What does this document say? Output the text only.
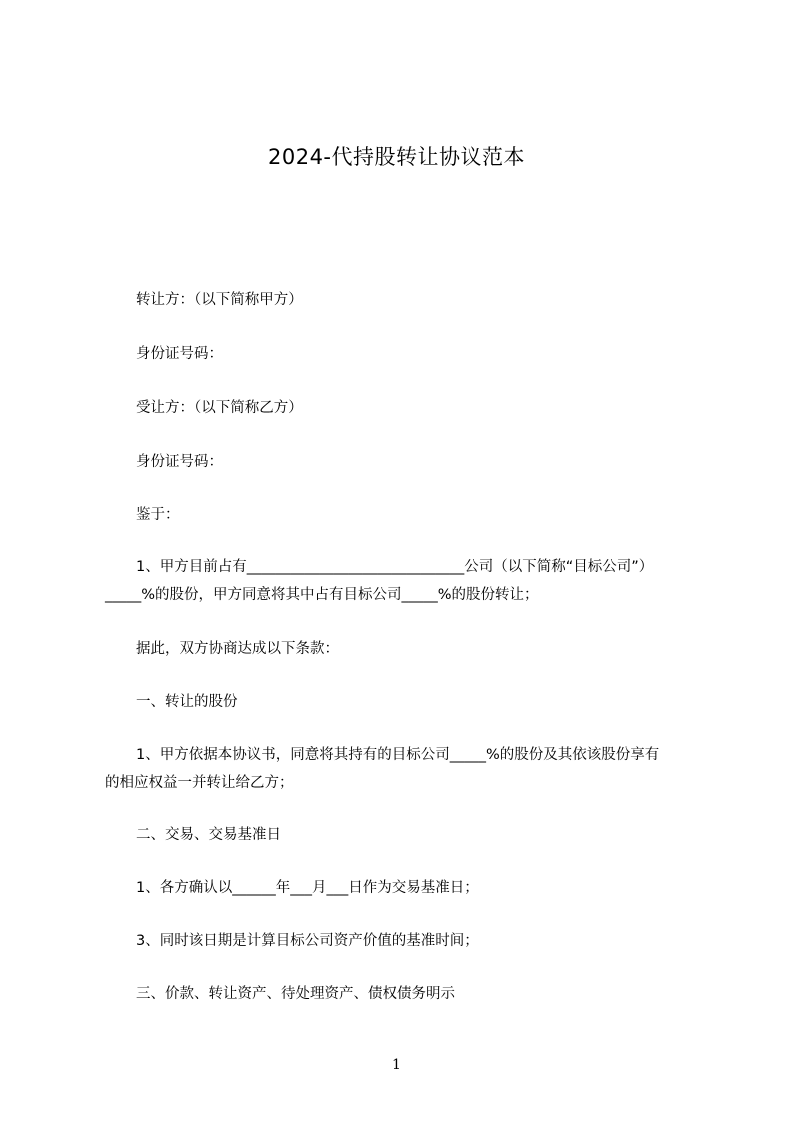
2024-代持股转让协议范本
转让方：（以下简称甲方）
身份证号码：
受让方：（以下简称乙方）
身份证号码：
鉴于：
1、甲方目前占有______________________________公司（以下简称“目标公司”）
_____%的股份，甲方同意将其中占有目标公司_____%的股份转让；
据此，双方协商达成以下条款：
一、转让的股份
1、甲方依据本协议书，同意将其持有的目标公司_____%的股份及其依该股份享有
的相应权益一并转让给乙方；
二、交易、交易基准日
1、各方确认以______年___月___日作为交易基准日；
3、同时该日期是计算目标公司资产价值的基准时间；
三、价款、转让资产、待处理资产、债权债务明示
1
